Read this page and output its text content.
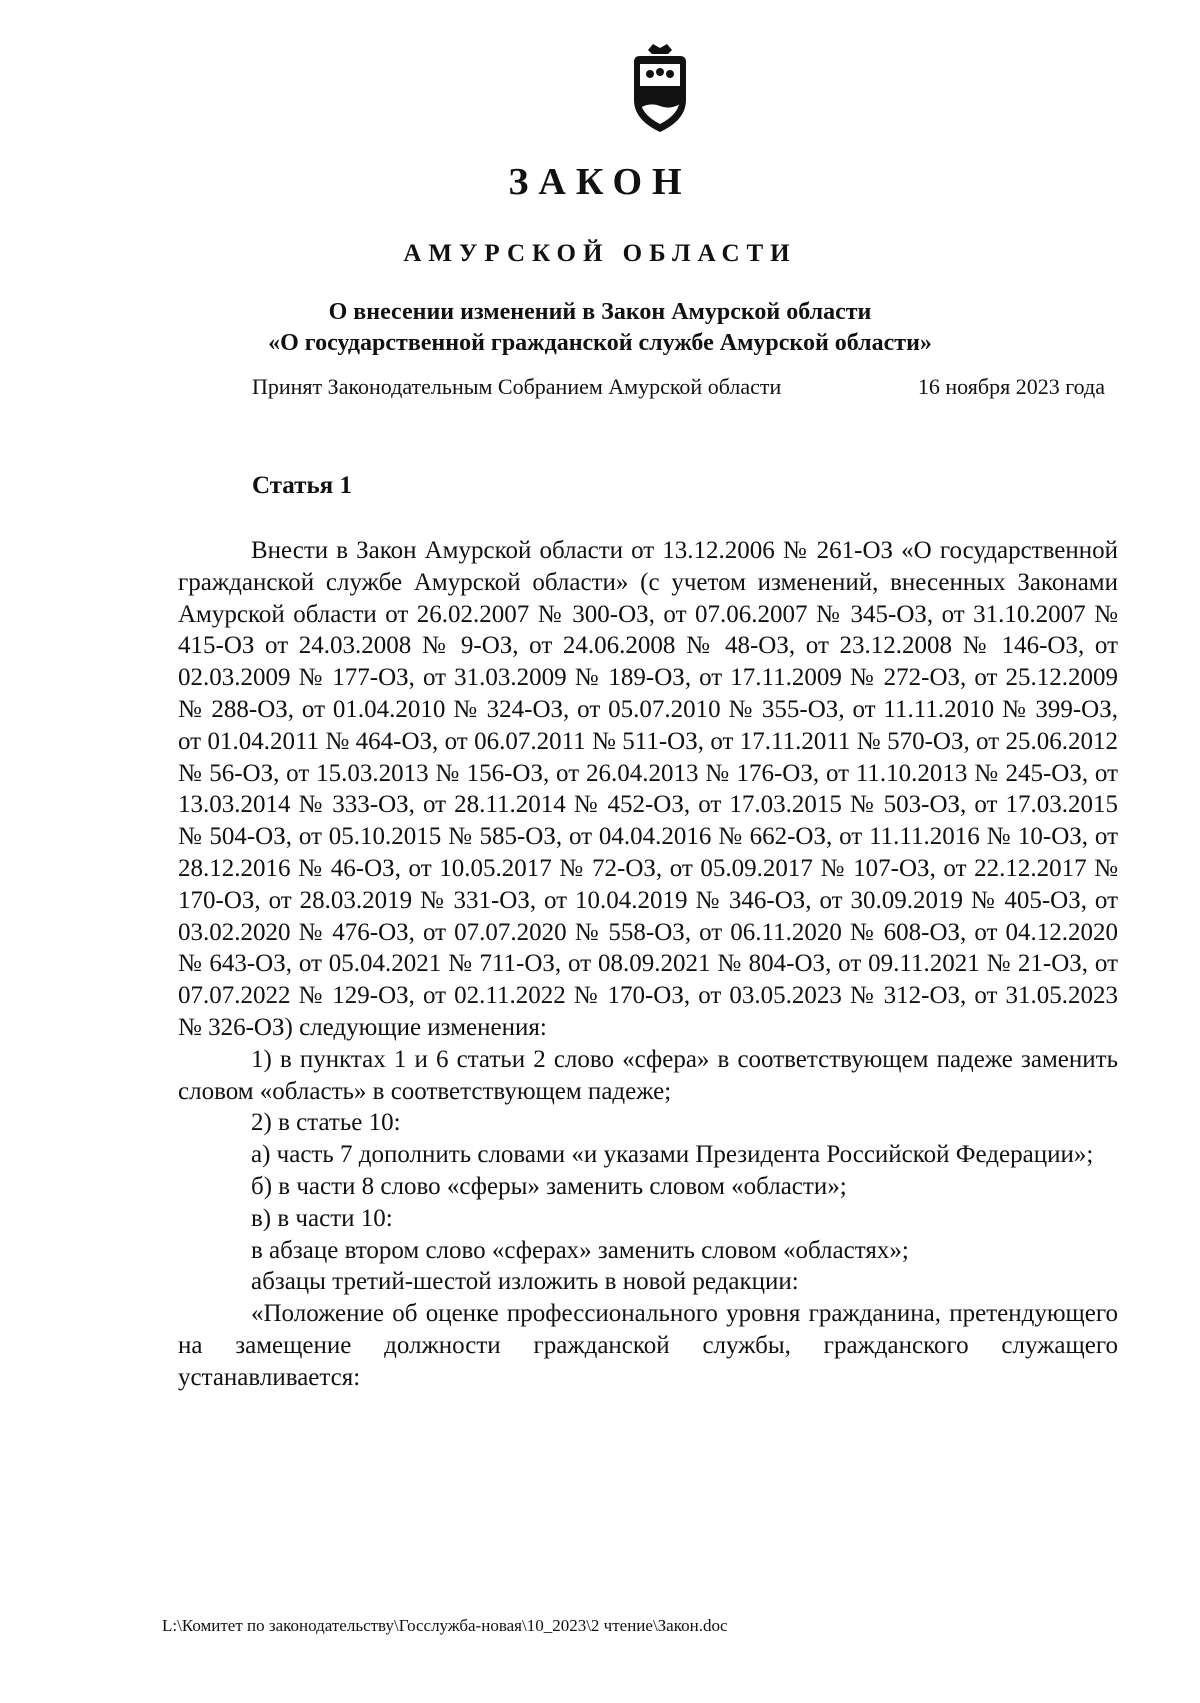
ЗАКОН
АМУРСКОЙ ОБЛАСТИ
О внесении изменений в Закон Амурской области
«О государственной гражданской службе Амурской области»
Принят Законодательным Собранием Амурской области	16 ноября 2023 года
Статья 1

Внести в Закон Амурской области от 13.12.2006 № 261-ОЗ «О государственной гражданской службе Амурской области» (с учетом изменений, внесенных Законами Амурской области от 26.02.2007 № 300-ОЗ, от 07.06.2007 № 345-ОЗ, от 31.10.2007 № 415-ОЗ от 24.03.2008 № 9-ОЗ, от 24.06.2008 № 48-ОЗ, от 23.12.2008 № 146-ОЗ, от 02.03.2009 № 177-ОЗ, от 31.03.2009 № 189-ОЗ, от 17.11.2009 № 272-ОЗ, от 25.12.2009 № 288-ОЗ, от 01.04.2010 № 324-ОЗ, от 05.07.2010 № 355-ОЗ, от 11.11.2010 № 399-ОЗ, от 01.04.2011 № 464-ОЗ, от 06.07.2011 № 511-ОЗ, от 17.11.2011 № 570-ОЗ, от 25.06.2012 № 56-ОЗ, от 15.03.2013 № 156-ОЗ, от 26.04.2013 № 176-ОЗ, от 11.10.2013 № 245-ОЗ, от 13.03.2014 № 333-ОЗ, от 28.11.2014 № 452-ОЗ, от 17.03.2015 № 503-ОЗ, от 17.03.2015 № 504-ОЗ, от 05.10.2015 № 585-ОЗ, от 04.04.2016 № 662-ОЗ, от 11.11.2016 № 10-ОЗ, от 28.12.2016 № 46-ОЗ, от 10.05.2017 № 72-ОЗ, от 05.09.2017 № 107-ОЗ, от 22.12.2017 № 170-ОЗ, от 28.03.2019 № 331-ОЗ, от 10.04.2019 № 346-ОЗ, от 30.09.2019 № 405-ОЗ, от 03.02.2020 № 476-ОЗ, от 07.07.2020 № 558-ОЗ, от 06.11.2020 № 608-ОЗ, от 04.12.2020 № 643-ОЗ, от 05.04.2021 № 711-ОЗ, от 08.09.2021 № 804-ОЗ, от 09.11.2021 № 21-ОЗ, от 07.07.2022 № 129-ОЗ, от 02.11.2022 № 170-ОЗ, от 03.05.2023 № 312-ОЗ, от 31.05.2023 № 326-ОЗ) следующие изменения:

1) в пунктах 1 и 6 статьи 2 слово «сфера» в соответствующем падеже заменить словом «область» в соответствующем падеже;

2) в статье 10:

а) часть 7 дополнить словами «и указами Президента Российской Федерации»;

б) в части 8 слово «сферы» заменить словом «области»;

в) в части 10:

в абзаце втором слово «сферах» заменить словом «областях»;

абзацы третий-шестой изложить в новой редакции:

«Положение об оценке профессионального уровня гражданина, претендующего на замещение должности гражданской службы, гражданского служащего устанавливается:

L:\Комитет по законодательству\Госслужба-новая\10_2023\2 чтение\Закон.doc
